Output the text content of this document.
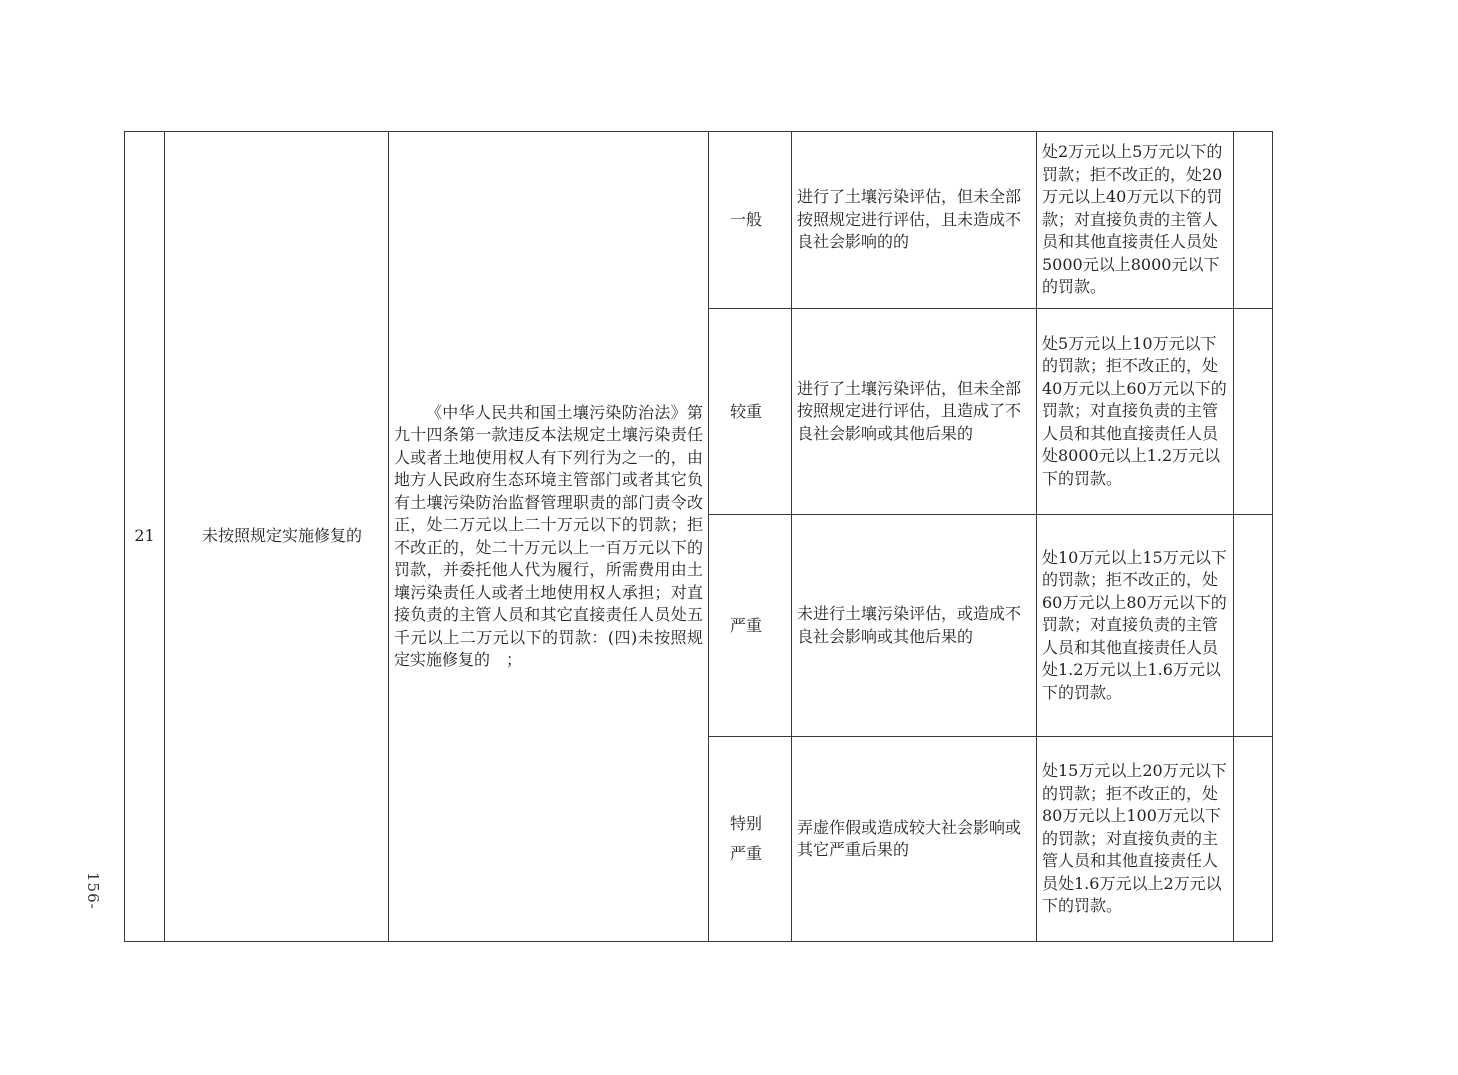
21	未按照规定实施修复的	《中华人民共和国土壤污染防治法》第九十四条第一款违反本法规定土壤污染责任人或者土地使用权人有下列行为之一的，由地方人民政府生态环境主管部门或者其它负有土壤污染防治监督管理职责的部门责令改正，处二万元以上二十万元以下的罚款；拒不改正的，处二十万元以上一百万元以下的罚款，并委托他人代为履行，所需费用由土壤污染责任人或者土地使用权人承担；对直接负责的主管人员和其它直接责任人员处五千元以上二万元以下的罚款：(四)未按照规定实施修复的　；	一般	进行了土壤污染评估，但未全部按照规定进行评估，且未造成不良社会影响的的	处2万元以上5万元以下的罚款；拒不改正的，处20万元以上40万元以下的罚款；对直接负责的主管人员和其他直接责任人员处5000元以上8000元以下的罚款。	
			较重	进行了土壤污染评估，但未全部按照规定进行评估，且造成了不良社会影响或其他后果的	处5万元以上10万元以下的罚款；拒不改正的，处40万元以上60万元以下的罚款；对直接负责的主管人员和其他直接责任人员处8000元以上1.2万元以下的罚款。	
			严重	未进行土壤污染评估，或造成不良社会影响或其他后果的	处10万元以上15万元以下的罚款；拒不改正的，处60万元以上80万元以下的罚款；对直接负责的主管人员和其他直接责任人员处1.2万元以上1.6万元以下的罚款。	
			特别严重	弄虚作假或造成较大社会影响或其它严重后果的	处15万元以上20万元以下的罚款；拒不改正的，处80万元以上100万元以下的罚款；对直接负责的主管人员和其他直接责任人员处1.6万元以上2万元以下的罚款。	
156-
